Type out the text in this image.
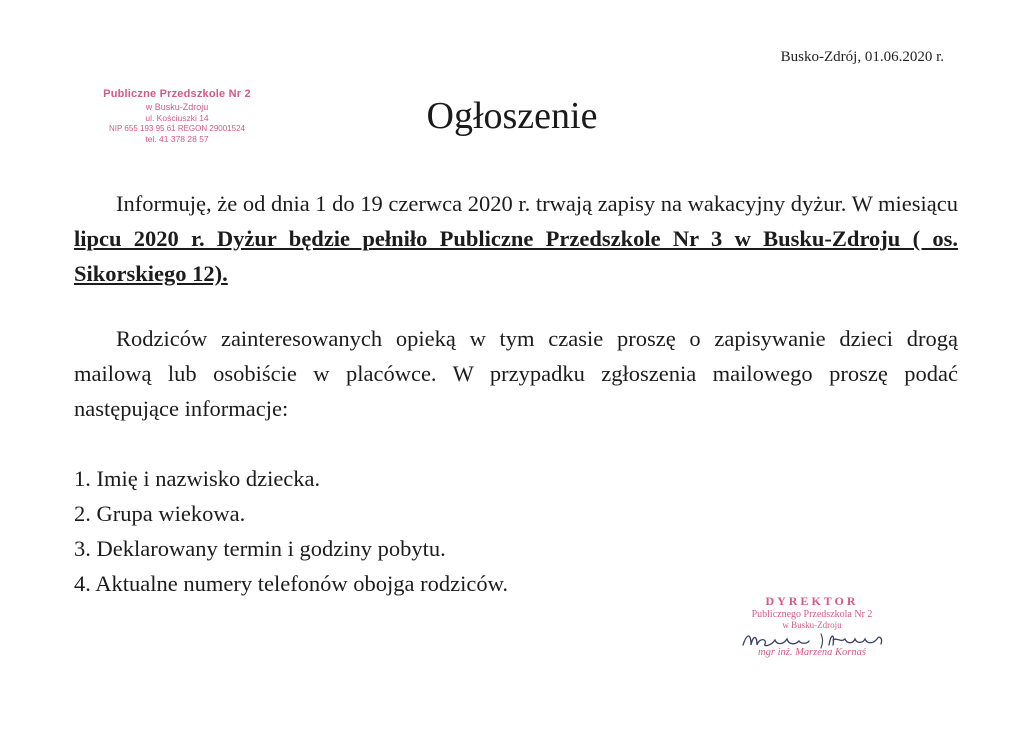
Busko-Zdrój, 01.06.2020 r.
Publiczne Przedszkole Nr 2
w Busku-Zdroju
ul. Kościuszki 14
NIP 655 193 95 61 REGON 29001524
tel. 41 378 28 57
Ogłoszenie

Informuję, że od dnia 1 do 19 czerwca 2020 r. trwają zapisy na wakacyjny dyżur. W miesiącu lipcu 2020 r. Dyżur będzie pełniło Publiczne Przedszkole Nr 3 w Busku-Zdroju ( os. Sikorskiego 12).

Rodziców zainteresowanych opieką w tym czasie proszę o zapisywanie dzieci drogą mailową lub osobiście w placówce. W przypadku zgłoszenia mailowego proszę podać następujące informacje:

1. Imię i nazwisko dziecka.
2. Grupa wiekowa.
3. Deklarowany termin i godziny pobytu.
4. Aktualne numery telefonów obojga rodziców.
DYREKTOR
Publicznego Przedszkola Nr 2
w Busku-Zdroju
mgr inż. Marzena Kornaś
